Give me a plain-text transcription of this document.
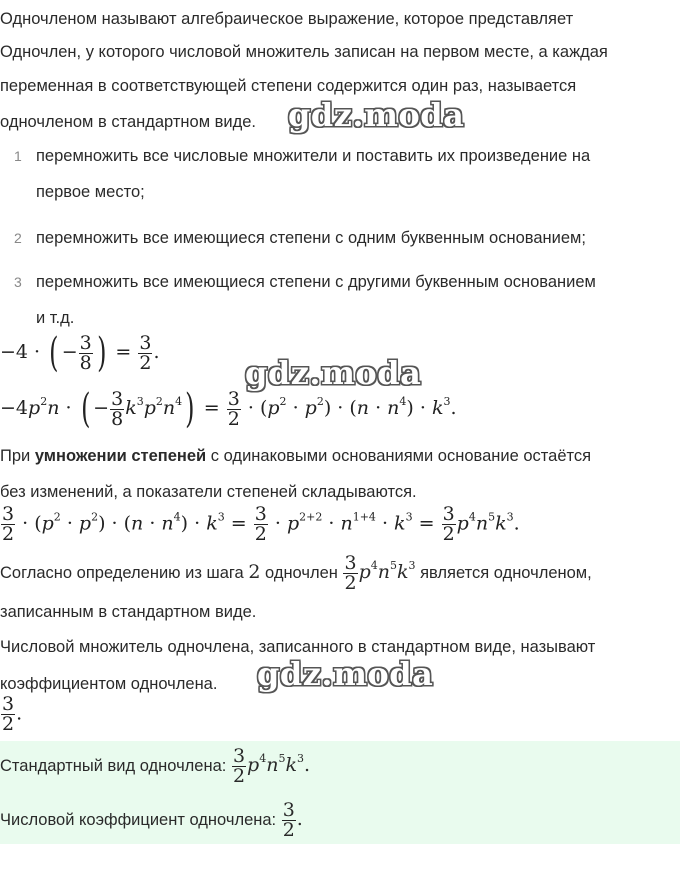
Одночленом называют алгебраическое выражение, которое представляет
Одночлен, у которого числовой множитель записан на первом месте, а каждая
переменная в соответствующей степени содержится один раз, называется
одночленом в стандартном виде. gdz.moda
1 перемножить все числовые множители и поставить их произведение на
первое место;
2 перемножить все имеющиеся степени с одним буквенным основанием;
3 перемножить все имеющиеся степени с другими буквенным основанием
и т.д.
−4 · ( − $\frac{3}{8}$ ) = $\frac{3}{2}$ .
gdz.moda
$-4p^2n$ · ( − $\frac{3}{8} k^3p^2n^4) = \frac{3}{2} \cdot (p^2 \cdot p^2) \cdot (n \cdot n^4) \cdot k^3$.
При умножении степеней с одинаковыми основаниями основание остаётся
без изменений, а показатели степеней складываются.
$\frac{3}{2} \cdot (p^2 \cdot p^2) \cdot (n \cdot n^4) \cdot k^3 = \frac{3}{2} \cdot p^{2+2} \cdot n^{1+4} \cdot k^3 = \frac{3}{2} p^4n^5k^3$.
Согласно определению из шага 2 одночлен $\frac{3}{2} p^4n^5k^3$ является одночленом,
записанным в стандартном виде.
Числовой множитель одночлена, записанного в стандартном виде, называют
коэффициентом одночлена. gdz.moda
$\frac{3}{2}$ .
Стандартный вид одночлена: $\frac{3}{2} p^4n^5k^3$.
Числовой коэффициент одночлена: $\frac{3}{2}$ .
